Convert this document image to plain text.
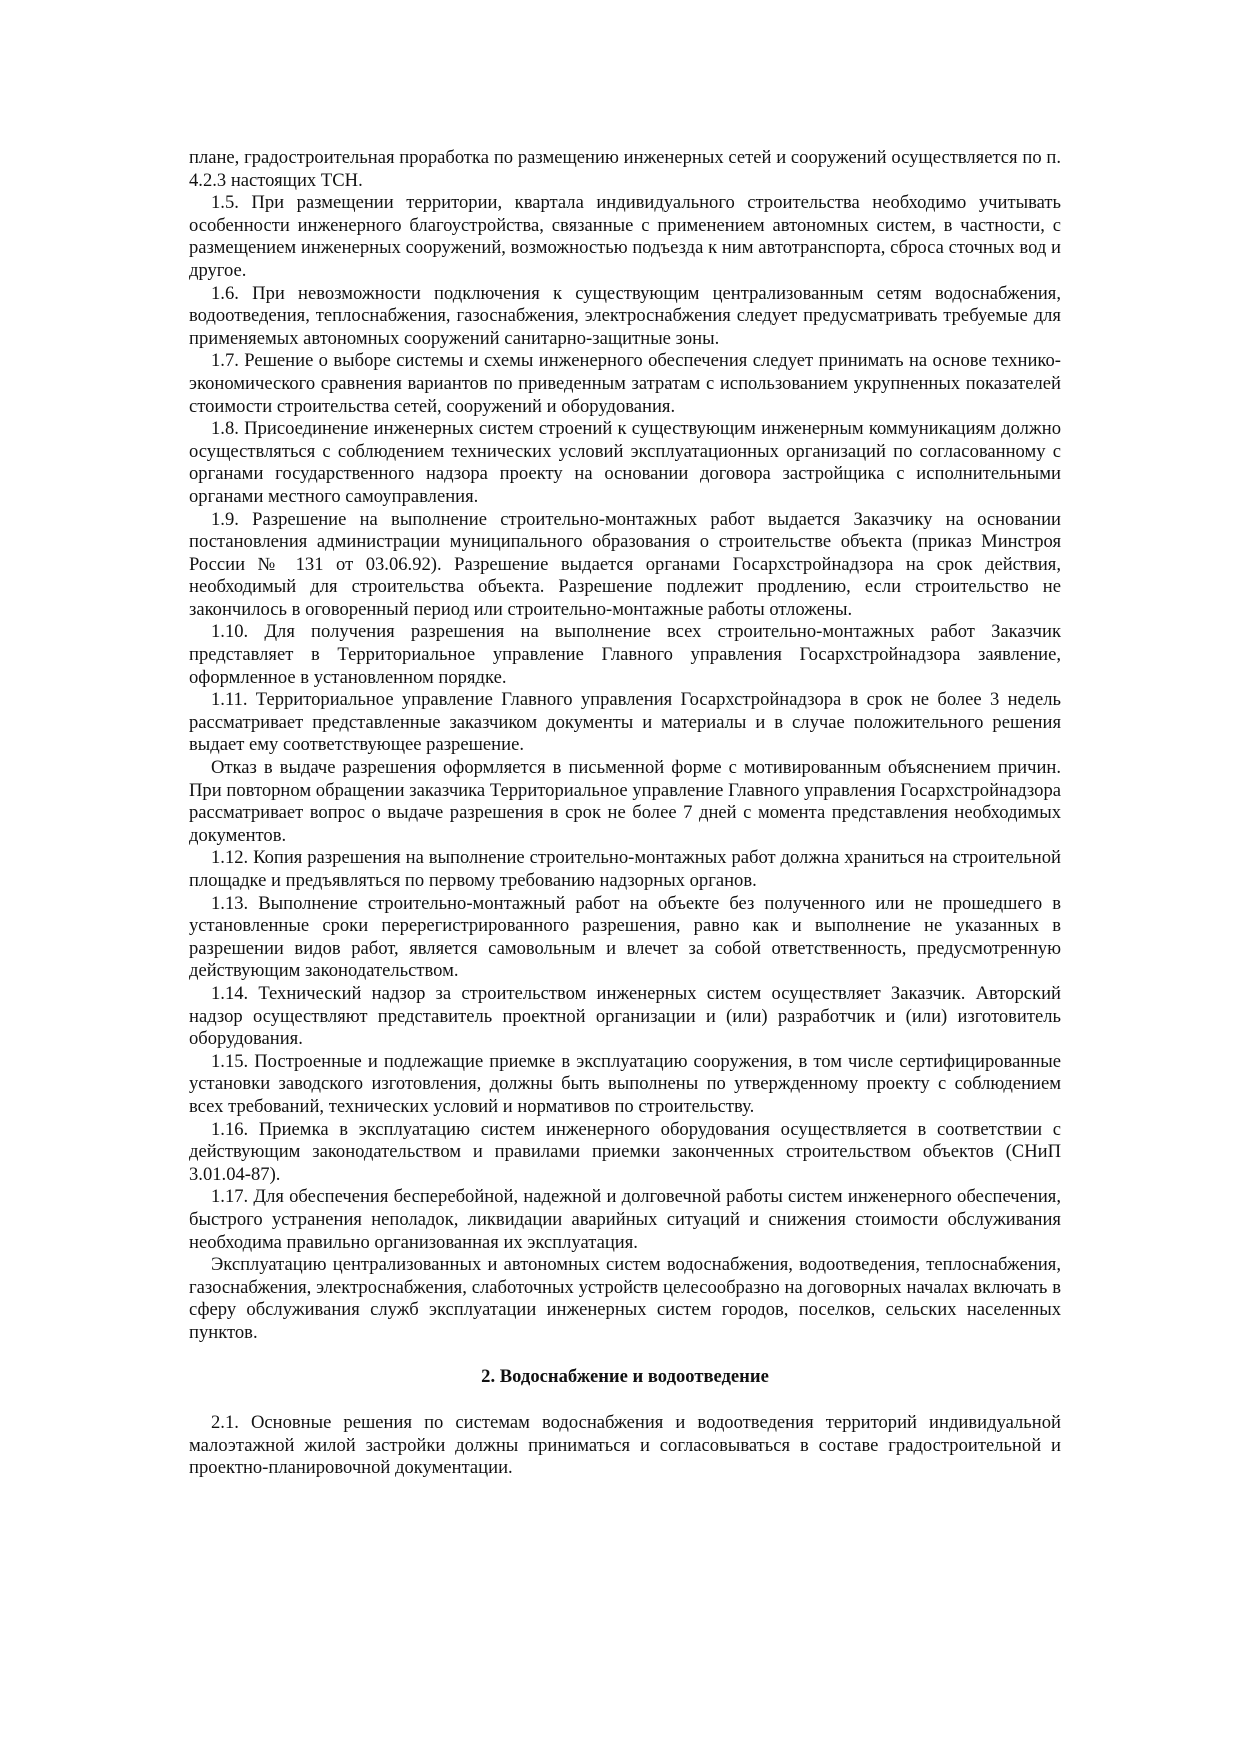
плане, градостроительная проработка по размещению инженерных сетей и сооружений осуществляется по п. 4.2.3 настоящих ТСН.

1.5. При размещении территории, квартала индивидуального строительства необходимо учитывать особенности инженерного благоустройства, связанные с применением автономных систем, в частности, с размещением инженерных сооружений, возможностью подъезда к ним автотранспорта, сброса сточных вод и другое.

1.6. При невозможности подключения к существующим централизованным сетям водоснабжения, водоотведения, теплоснабжения, газоснабжения, электроснабжения следует предусматривать требуемые для применяемых автономных сооружений санитарно-защитные зоны.

1.7. Решение о выборе системы и схемы инженерного обеспечения следует принимать на основе технико-экономического сравнения вариантов по приведенным затратам с использованием укрупненных показателей стоимости строительства сетей, сооружений и оборудования.

1.8. Присоединение инженерных систем строений к существующим инженерным коммуникациям должно осуществляться с соблюдением технических условий эксплуатационных организаций по согласованному с органами государственного надзора проекту на основании договора застройщика с исполнительными органами местного самоуправления.

1.9. Разрешение на выполнение строительно-монтажных работ выдается Заказчику на основании постановления администрации муниципального образования о строительстве объекта (приказ Минстроя России № 131 от 03.06.92). Разрешение выдается органами Госархстройнадзора на срок действия, необходимый для строительства объекта. Разрешение подлежит продлению, если строительство не закончилось в оговоренный период или строительно-монтажные работы отложены.

1.10. Для получения разрешения на выполнение всех строительно-монтажных работ Заказчик представляет в Территориальное управление Главного управления Госархстройнадзора заявление, оформленное в установленном порядке.

1.11. Территориальное управление Главного управления Госархстройнадзора в срок не более 3 недель рассматривает представленные заказчиком документы и материалы и в случае положительного решения выдает ему соответствующее разрешение.

Отказ в выдаче разрешения оформляется в письменной форме с мотивированным объяснением причин. При повторном обращении заказчика Территориальное управление Главного управления Госархстройнадзора рассматривает вопрос о выдаче разрешения в срок не более 7 дней с момента представления необходимых документов.

1.12. Копия разрешения на выполнение строительно-монтажных работ должна храниться на строительной площадке и предъявляться по первому требованию надзорных органов.

1.13. Выполнение строительно-монтажный работ на объекте без полученного или не прошедшего в установленные сроки перерегистрированного разрешения, равно как и выполнение не указанных в разрешении видов работ, является самовольным и влечет за собой ответственность, предусмотренную действующим законодательством.

1.14. Технический надзор за строительством инженерных систем осуществляет Заказчик. Авторский надзор осуществляют представитель проектной организации и (или) разработчик и (или) изготовитель оборудования.

1.15. Построенные и подлежащие приемке в эксплуатацию сооружения, в том числе сертифицированные установки заводского изготовления, должны быть выполнены по утвержденному проекту с соблюдением всех требований, технических условий и нормативов по строительству.

1.16. Приемка в эксплуатацию систем инженерного оборудования осуществляется в соответствии с действующим законодательством и правилами приемки законченных строительством объектов (СНиП 3.01.04-87).

1.17. Для обеспечения бесперебойной, надежной и долговечной работы систем инженерного обеспечения, быстрого устранения неполадок, ликвидации аварийных ситуаций и снижения стоимости обслуживания необходима правильно организованная их эксплуатация.

Эксплуатацию централизованных и автономных систем водоснабжения, водоотведения, теплоснабжения, газоснабжения, электроснабжения, слаботочных устройств целесообразно на договорных началах включать в сферу обслуживания служб эксплуатации инженерных систем городов, поселков, сельских населенных пунктов.

2. Водоснабжение и водоотведение

2.1. Основные решения по системам водоснабжения и водоотведения территорий индивидуальной малоэтажной жилой застройки должны приниматься и согласовываться в составе градостроительной и проектно-планировочной документации.
